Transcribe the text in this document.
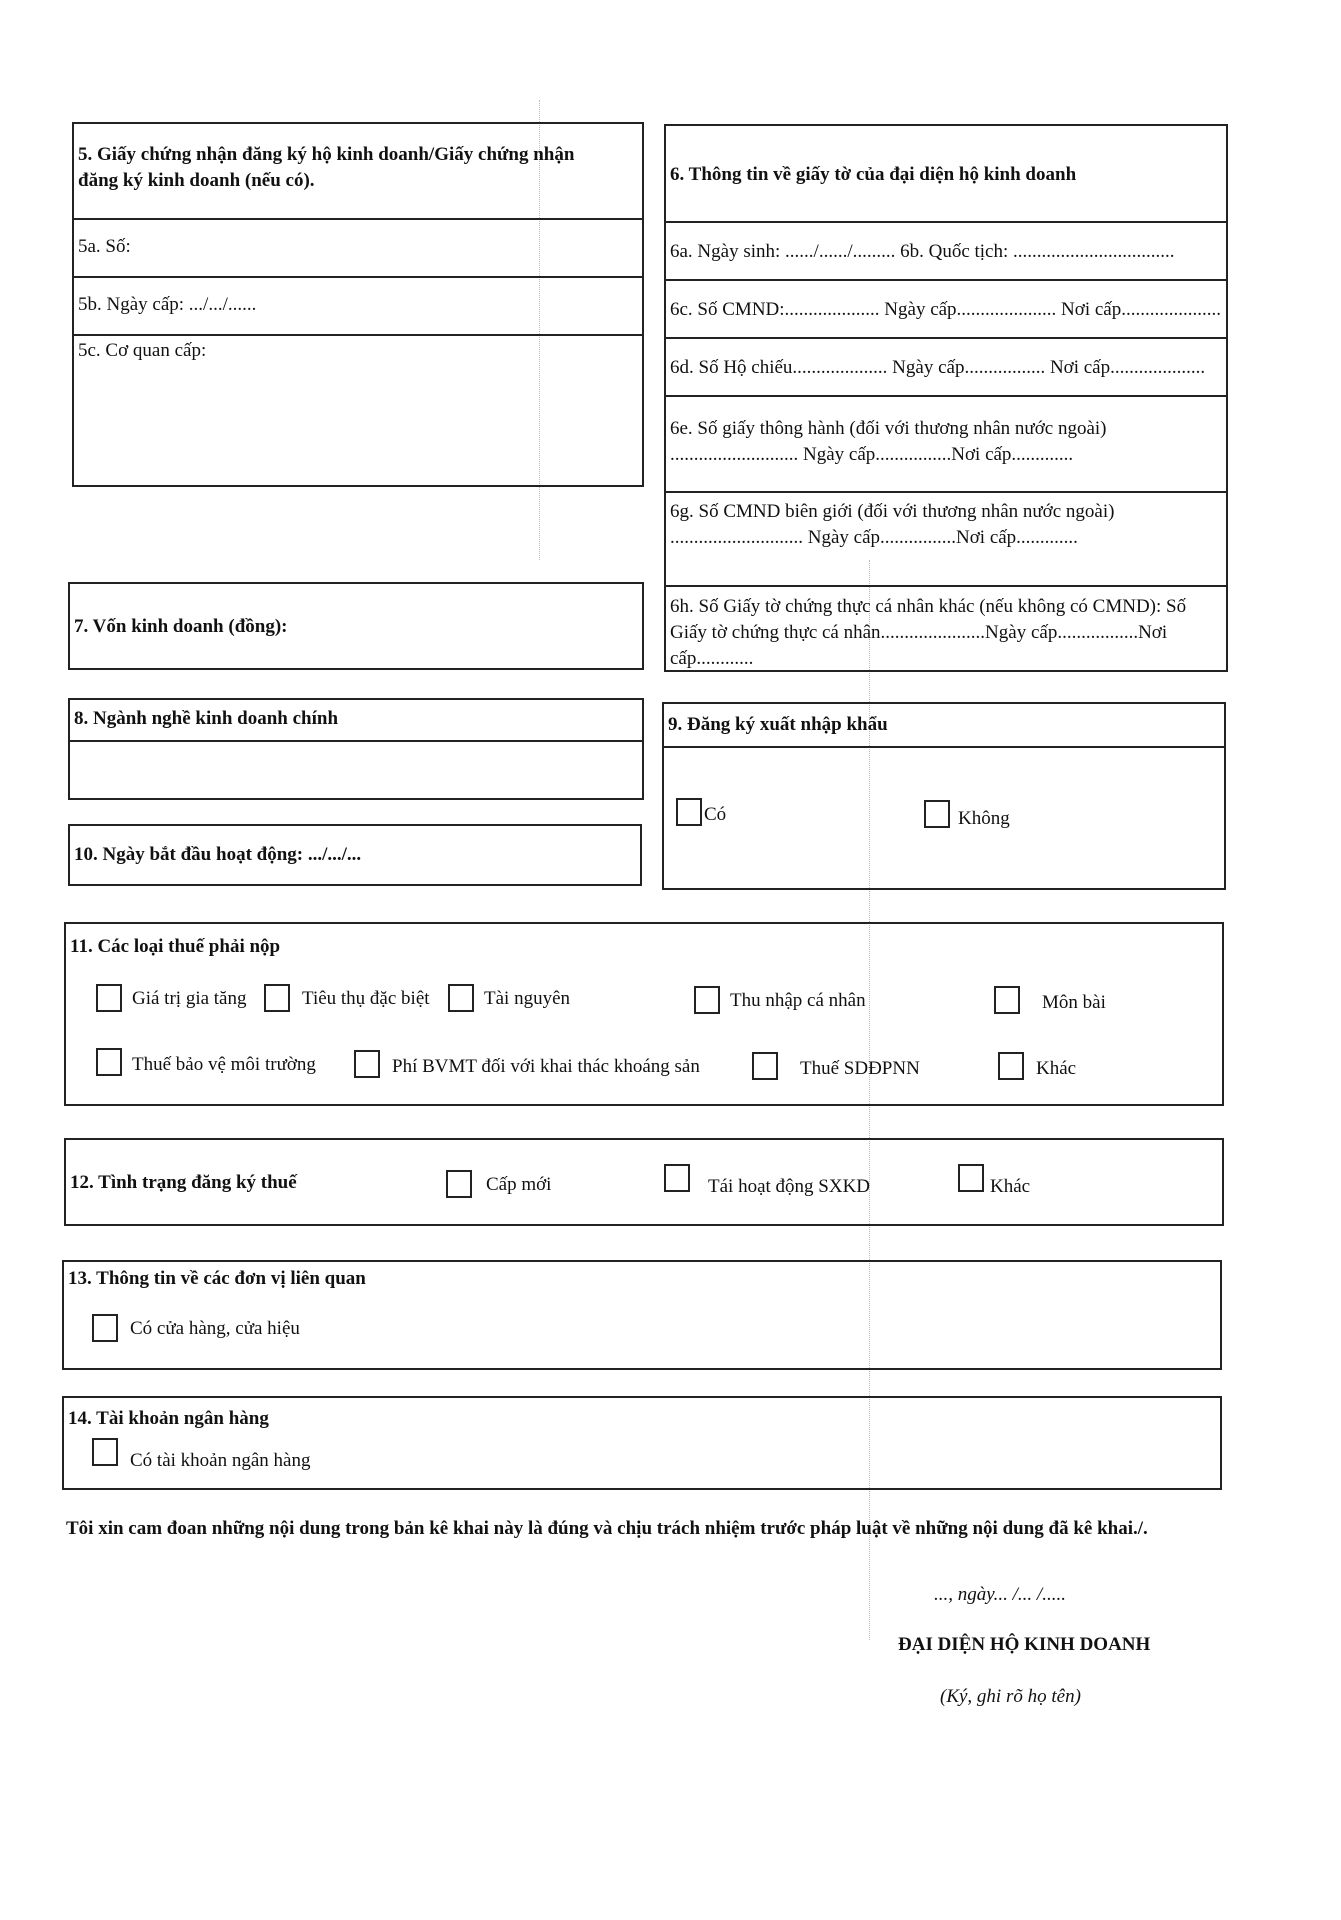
5. Giấy chứng nhận đăng ký hộ kinh doanh/Giấy chứng nhận đăng ký kinh doanh (nếu có).
5a. Số:
5b. Ngày cấp: .../.../......
5c. Cơ quan cấp:
6. Thông tin về giấy tờ của đại diện hộ kinh doanh
6a. Ngày sinh: ....../....../......... 6b. Quốc tịch: ..................................
6c. Số CMND:.................... Ngày cấp..................... Nơi cấp.....................
6d. Số Hộ chiếu.................... Ngày cấp................. Nơi cấp....................
6e. Số giấy thông hành (đối với thương nhân nước ngoài) ........................... Ngày cấp................Nơi cấp.............
6g. Số CMND biên giới (đối với thương nhân nước ngoài) ............................ Ngày cấp................Nơi cấp.............
6h. Số Giấy tờ chứng thực cá nhân khác (nếu không có CMND): Số Giấy tờ chứng thực cá nhân......................Ngày cấp.................Nơi cấp............
7. Vốn kinh doanh (đồng):
8. Ngành nghề kinh doanh chính	9. Đăng ký xuất nhập khẩu
Có	Không
10. Ngày bắt đầu hoạt động: .../.../...
11. Các loại thuế phải nộp
Giá trị gia tăng	Tiêu thụ đặc biệt	Tài nguyên	Thu nhập cá nhân	Môn bài
Thuế bảo vệ môi trường	Phí BVMT đối với khai thác khoáng sản	Thuế SDĐPNN	Khác
12. Tình trạng đăng ký thuế	Cấp mới	Tái hoạt động SXKD	Khác
13. Thông tin về các đơn vị liên quan
Có cửa hàng, cửa hiệu
14. Tài khoản ngân hàng
Có tài khoản ngân hàng
Tôi xin cam đoan những nội dung trong bản kê khai này là đúng và chịu trách nhiệm trước pháp luật về những nội dung đã kê khai./.
..., ngày... /... /.....
ĐẠI DIỆN HỘ KINH DOANH
(Ký, ghi rõ họ tên)
